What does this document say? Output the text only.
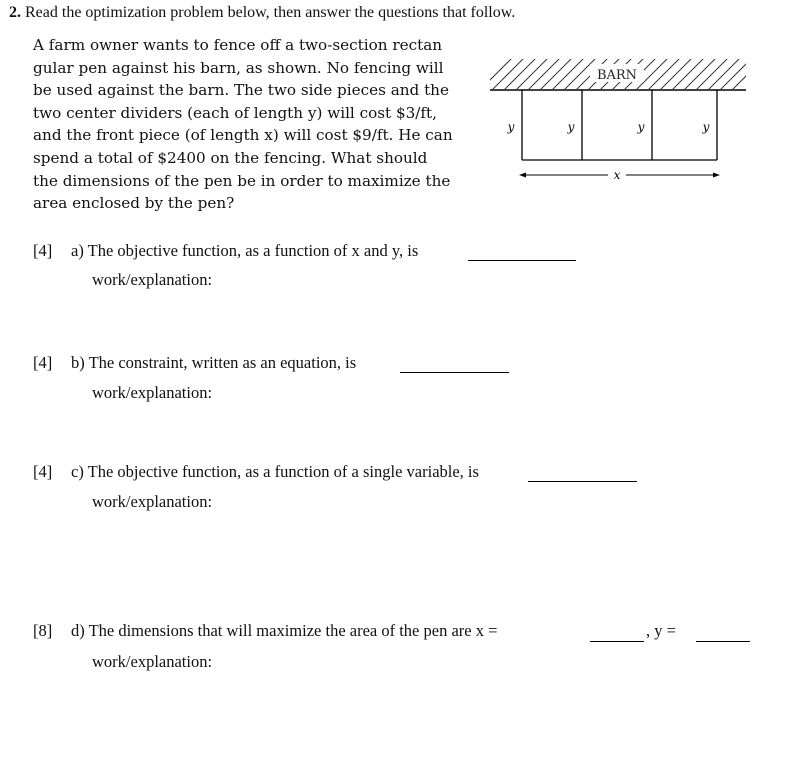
2. Read the optimization problem below, then answer the questions that follow.
A farm owner wants to fence off a two-section rectan
gular pen against his barn, as shown. No fencing will
be used against the barn. The two side pieces and the
two center dividers (each of length y) will cost $3/ft,
and the front piece (of length x) will cost $9/ft. He can
spend a total of $2400 on the fencing. What should
the dimensions of the pen be in order to maximize the
area enclosed by the pen?
BARN
y	y	y	y
x
[4] a) The objective function, as a function of x and y, is
work/explanation:
[4] b) The constraint, written as an equation, is
work/explanation:
[4] c) The objective function, as a function of a single variable, is
work/explanation:
[8] d) The dimensions that will maximize the area of the pen are x =	, y =
work/explanation:
